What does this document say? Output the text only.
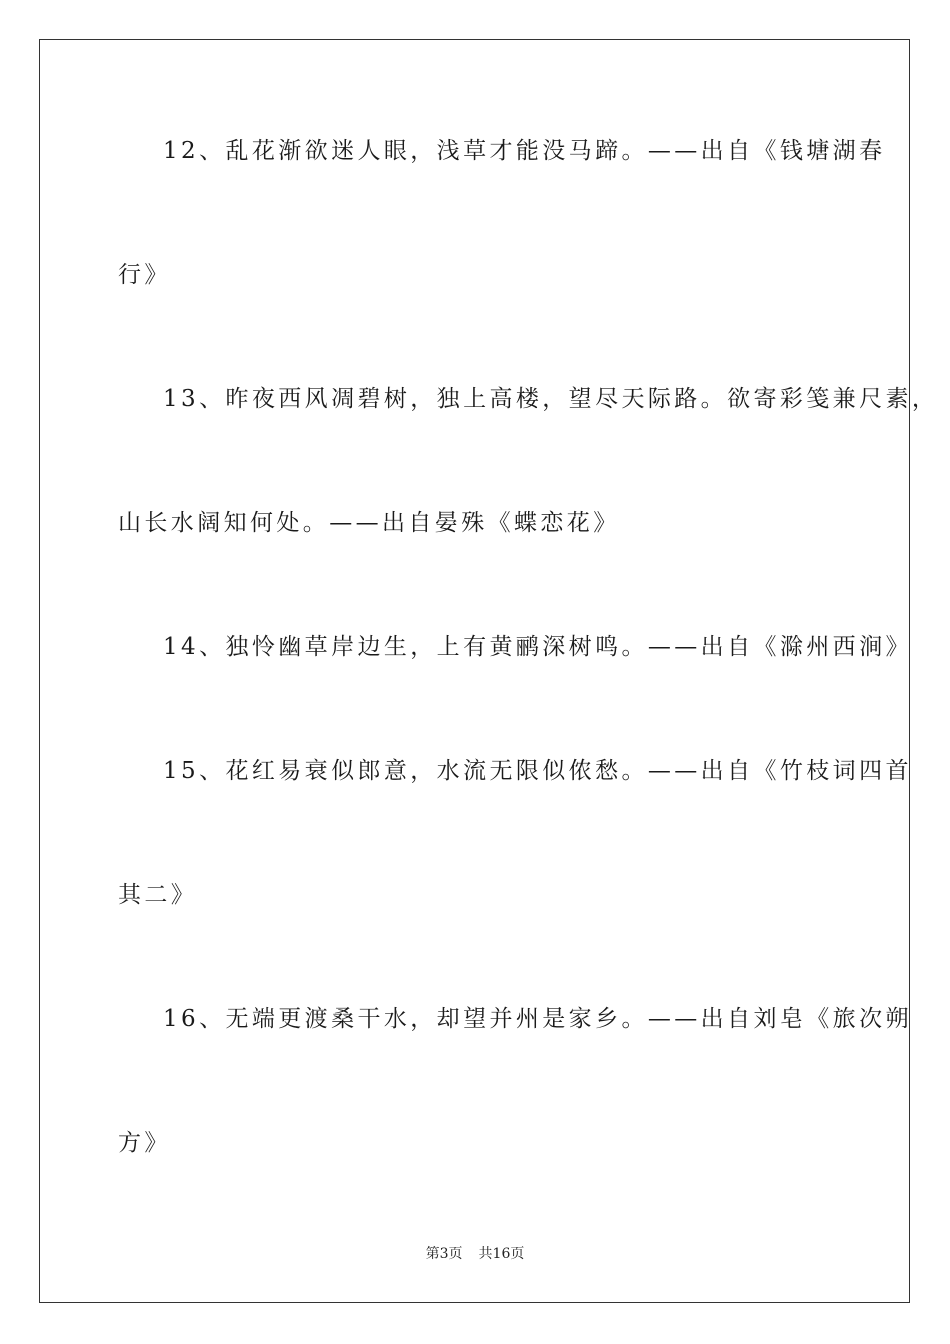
12、乱花渐欲迷人眼，浅草才能没马蹄。——出自《钱塘湖春
行》
13、昨夜西风凋碧树，独上高楼，望尽天际路。欲寄彩笺兼尺素，
山长水阔知何处。——出自晏殊《蝶恋花》
14、独怜幽草岸边生，上有黄鹂深树鸣。——出自《滁州西涧》
15、花红易衰似郎意，水流无限似侬愁。——出自《竹枝词四首
其二》
16、无端更渡桑干水，却望并州是家乡。——出自刘皂《旅次朔
方》
第3页 共16页
